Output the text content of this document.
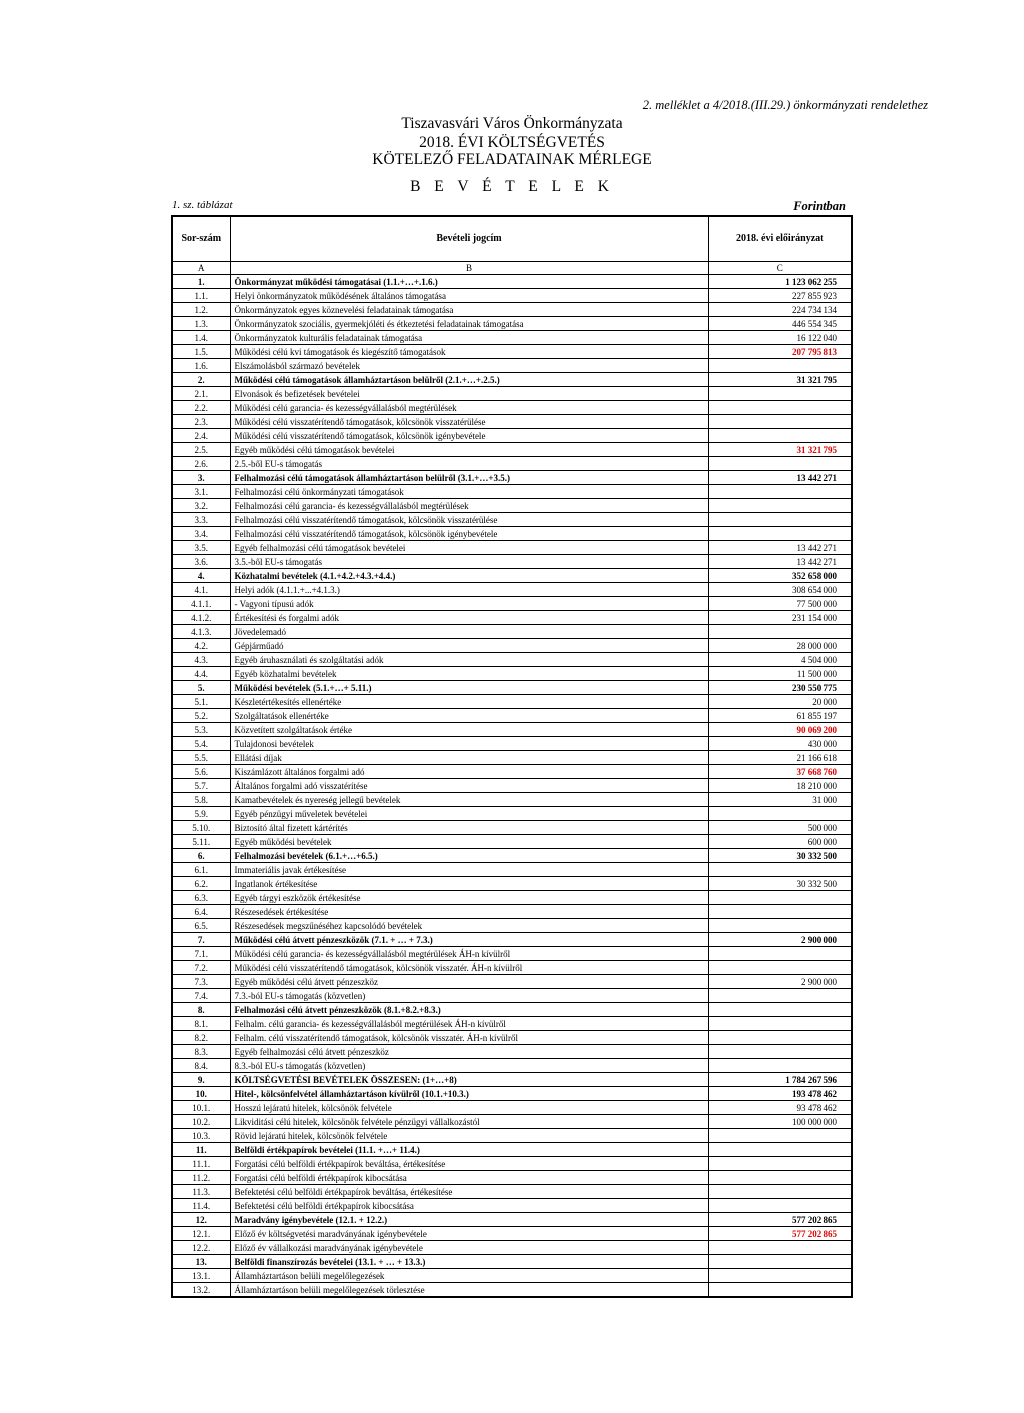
2. melléklet a 4/2018.(III.29.) önkormányzati rendelethez
Tiszavasvári Város Önkormányzata
2018. ÉVI KÖLTSÉGVETÉS
KÖTELEZŐ FELADATAINAK MÉRLEGE
B E V É T E L E K
1. sz. táblázat	Forintban
Sor-szám	Bevételi jogcím	2018. évi előirányzat
A	B	C
1.	Önkormányzat működési támogatásai (1.1.+…+.1.6.)	1 123 062 255
1.1.	Helyi önkormányzatok működésének általános támogatása	227 855 923
1.2.	Önkormányzatok egyes köznevelési feladatainak támogatása	224 734 134
1.3.	Önkormányzatok szociális, gyermekjóléti és étkeztetési feladatainak támogatása	446 554 345
1.4.	Önkormányzatok kulturális feladatainak támogatása	16 122 040
1.5.	Működési célú kvi támogatások és kiegészítő támogatások	207 795 813
1.6.	Elszámolásból származó bevételek	
2.	Működési célú támogatások államháztartáson belülről (2.1.+…+.2.5.)	31 321 795
2.1.	Elvonások és befizetések bevételei	
2.2.	Működési célú garancia- és kezességvállalásból megtérülések	
2.3.	Működési célú visszatérítendő támogatások, kölcsönök visszatérülése	
2.4.	Működési célú visszatérítendő támogatások, kölcsönök igénybevétele	
2.5.	Egyéb működési célú támogatások bevételei	31 321 795
2.6.	2.5.-ből EU-s támogatás	
3.	Felhalmozási célú támogatások államháztartáson belülről (3.1.+…+3.5.)	13 442 271
3.1.	Felhalmozási célú önkormányzati támogatások	
3.2.	Felhalmozási célú garancia- és kezességvállalásból megtérülések	
3.3.	Felhalmozási célú visszatérítendő támogatások, kölcsönök visszatérülése	
3.4.	Felhalmozási célú visszatérítendő támogatások, kölcsönök igénybevétele	
3.5.	Egyéb felhalmozási célú támogatások bevételei	13 442 271
3.6.	3.5.-ből EU-s támogatás	13 442 271
4.	Közhatalmi bevételek (4.1.+4.2.+4.3.+4.4.)	352 658 000
4.1.	Helyi adók (4.1.1.+...+4.1.3.)	308 654 000
4.1.1.	- Vagyoni típusú adók	77 500 000
4.1.2.	Értékesítési és forgalmi adók	231 154 000
4.1.3.	Jövedelemadó	
4.2.	Gépjárműadó	28 000 000
4.3.	Egyéb áruhasználati és szolgáltatási adók	4 504 000
4.4.	Egyéb közhatalmi bevételek	11 500 000
5.	Működési bevételek (5.1.+…+ 5.11.)	230 550 775
5.1.	Készletértékesítés ellenértéke	20 000
5.2.	Szolgáltatások ellenértéke	61 855 197
5.3.	Közvetített szolgáltatások értéke	90 069 200
5.4.	Tulajdonosi bevételek	430 000
5.5.	Ellátási díjak	21 166 618
5.6.	Kiszámlázott általános forgalmi adó	37 668 760
5.7.	Általános forgalmi adó visszatérítése	18 210 000
5.8.	Kamatbevételek és nyereség jellegű bevételek	31 000
5.9.	Egyéb pénzügyi műveletek bevételei	
5.10.	Biztosító által fizetett kártérítés	500 000
5.11.	Egyéb működési bevételek	600 000
6.	Felhalmozási bevételek (6.1.+…+6.5.)	30 332 500
6.1.	Immateriális javak értékesítése	
6.2.	Ingatlanok értékesítése	30 332 500
6.3.	Egyéb tárgyi eszközök értékesítése	
6.4.	Részesedések értékesítése	
6.5.	Részesedések megszűnéséhez kapcsolódó bevételek	
7.	Működési célú átvett pénzeszközök (7.1. + … + 7.3.)	2 900 000
7.1.	Működési célú garancia- és kezességvállalásból megtérülések ÁH-n kívülről	
7.2.	Működési célú visszatérítendő támogatások, kölcsönök visszatér. ÁH-n kívülről	
7.3.	Egyéb működési célú átvett pénzeszköz	2 900 000
7.4.	7.3.-ból EU-s támogatás (közvetlen)	
8.	Felhalmozási célú átvett pénzeszközök (8.1.+8.2.+8.3.)	
8.1.	Felhalm. célú garancia- és kezességvállalásból megtérülések ÁH-n kívülről	
8.2.	Felhalm. célú visszatérítendő támogatások, kölcsönök visszatér. ÁH-n kívülről	
8.3.	Egyéb felhalmozási célú átvett pénzeszköz	
8.4.	8.3.-ból EU-s támogatás (közvetlen)	
9.	KÖLTSÉGVETÉSI BEVÉTELEK ÖSSZESEN: (1+…+8)	1 784 267 596
10.	Hitel-, kölcsönfelvétel államháztartáson kívülről (10.1.+10.3.)	193 478 462
10.1.	Hosszú lejáratú hitelek, kölcsönök felvétele	93 478 462
10.2.	Likviditási célú hitelek, kölcsönök felvétele pénzügyi vállalkozástól	100 000 000
10.3.	Rövid lejáratú hitelek, kölcsönök felvétele	
11.	Belföldi értékpapírok bevételei (11.1. +…+ 11.4.)	
11.1.	Forgatási célú belföldi értékpapírok beváltása, értékesítése	
11.2.	Forgatási célú belföldi értékpapírok kibocsátása	
11.3.	Befektetési célú belföldi értékpapírok beváltása, értékesítése	
11.4.	Befektetési célú belföldi értékpapírok kibocsátása	
12.	Maradvány igénybevétele (12.1. + 12.2.)	577 202 865
12.1.	Előző év költségvetési maradványának igénybevétele	577 202 865
12.2.	Előző év vállalkozási maradványának igénybevétele	
13.	Belföldi finanszírozás bevételei (13.1. + … + 13.3.)	
13.1.	Államháztartáson belüli megelőlegezések	
13.2.	Államháztartáson belüli megelőlegezések törlesztése	
